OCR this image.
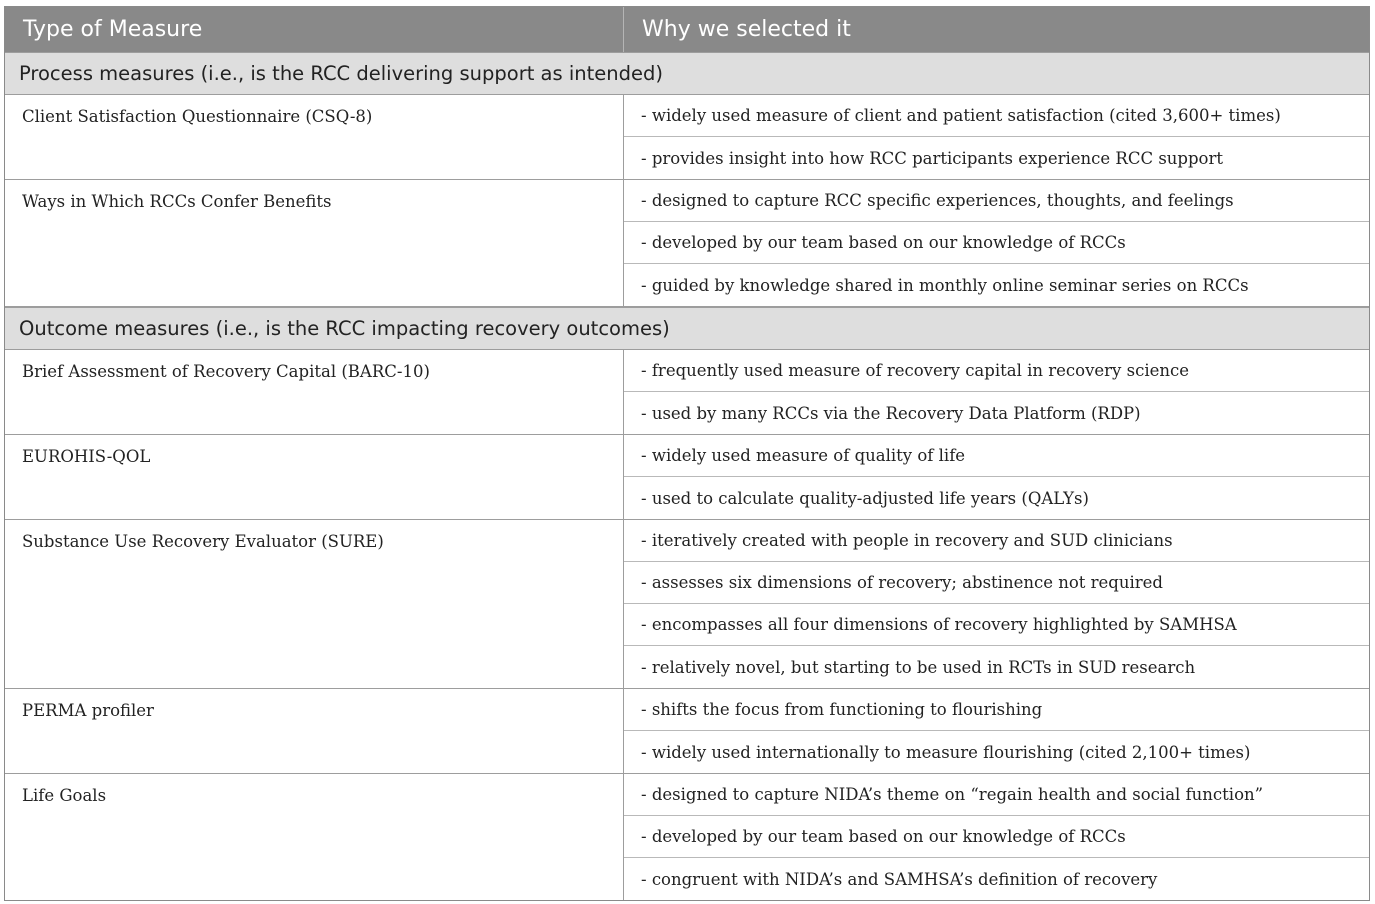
Type of Measure	Why we selected it
Process measures (i.e., is the RCC delivering support as intended)
Client Satisfaction Questionnaire (CSQ-8)	- widely used measure of client and patient satisfaction (cited 3,600+ times)
- provides insight into how RCC participants experience RCC support
Ways in Which RCCs Confer Benefits	- designed to capture RCC specific experiences, thoughts, and feelings
- developed by our team based on our knowledge of RCCs
- guided by knowledge shared in monthly online seminar series on RCCs
Outcome measures (i.e., is the RCC impacting recovery outcomes)
Brief Assessment of Recovery Capital (BARC-10)	- frequently used measure of recovery capital in recovery science
- used by many RCCs via the Recovery Data Platform (RDP)
EUROHIS-QOL	- widely used measure of quality of life
- used to calculate quality-adjusted life years (QALYs)
Substance Use Recovery Evaluator (SURE)	- iteratively created with people in recovery and SUD clinicians
- assesses six dimensions of recovery; abstinence not required
- encompasses all four dimensions of recovery highlighted by SAMHSA
- relatively novel, but starting to be used in RCTs in SUD research
PERMA profiler	- shifts the focus from functioning to flourishing
- widely used internationally to measure flourishing (cited 2,100+ times)
Life Goals	- designed to capture NIDA’s theme on “regain health and social function”
- developed by our team based on our knowledge of RCCs
- congruent with NIDA’s and SAMHSA’s definition of recovery
